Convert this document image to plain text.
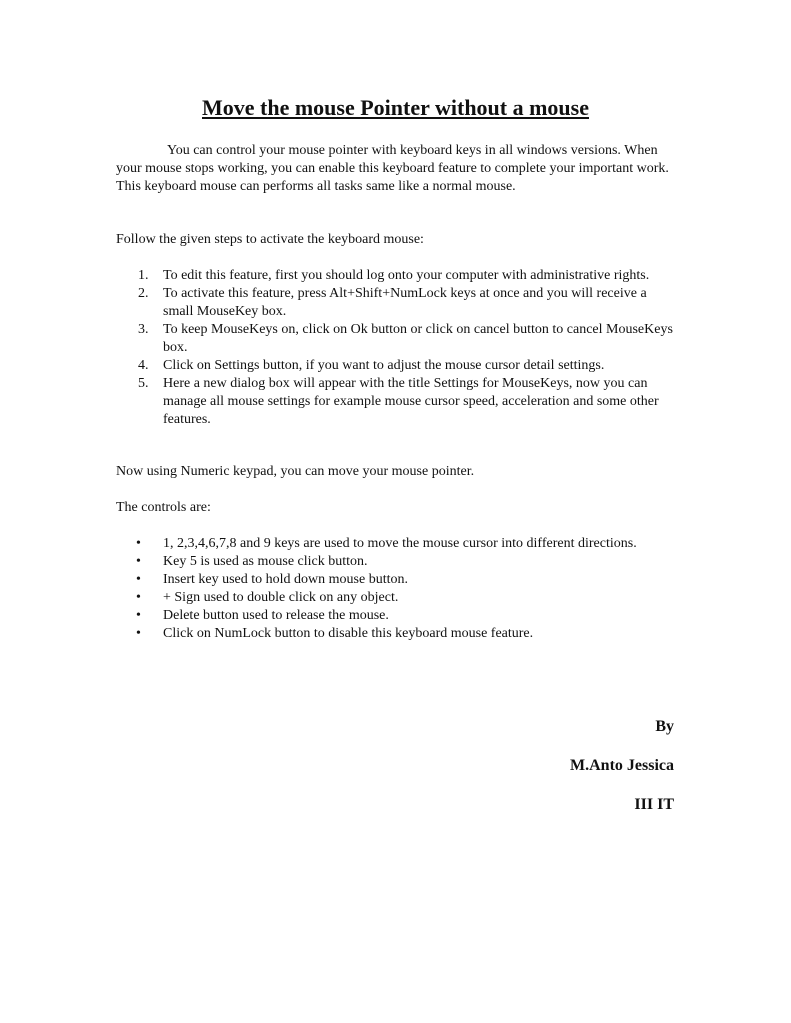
Move the mouse Pointer without a mouse
You can control your mouse pointer with keyboard keys in all windows versions. When your mouse stops working, you can enable this keyboard feature to complete your important work. This keyboard mouse can performs all tasks same like a normal mouse.
Follow the given steps to activate the keyboard mouse:
1.	To edit this feature, first you should log onto your computer with administrative rights.
2.	To activate this feature, press Alt+Shift+NumLock keys at once and you will receive a small MouseKey box.
3.	To keep MouseKeys on, click on Ok button or click on cancel button to cancel MouseKeys box.
4.	Click on Settings button, if you want to adjust the mouse cursor detail settings.
5.	Here a new dialog box will appear with the title Settings for MouseKeys, now you can manage all mouse settings for example mouse cursor speed, acceleration and some other features.
Now using Numeric keypad, you can move your mouse pointer.
The controls are:
• 1, 2,3,4,6,7,8 and 9 keys are used to move the mouse cursor into different directions.
• Key 5 is used as mouse click button.
• Insert key used to hold down mouse button.
• + Sign used to double click on any object.
• Delete button used to release the mouse.
• Click on NumLock button to disable this keyboard mouse feature.
By
M.Anto Jessica
III IT
